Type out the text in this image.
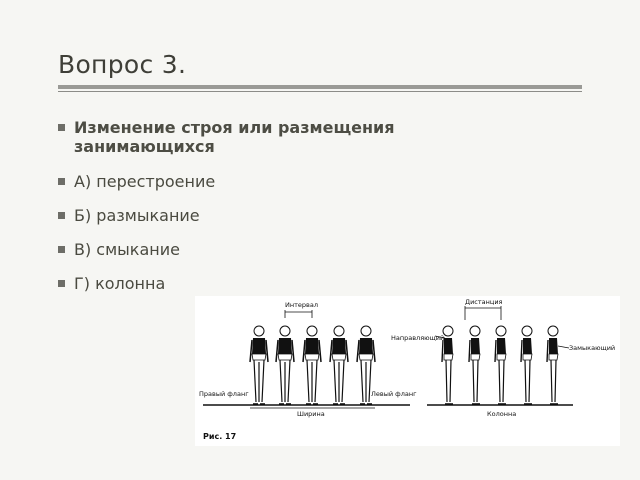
Вопрос 3.
Изменение строя или размещения занимающихся
А) перестроение
Б) размыкание
В) смыкание
Г) колонна
Интервал
Правый фланг	Левый фланг
Ширина
Дистанция
Направляющий
Замыкающий
Колонна
Рис. 17
